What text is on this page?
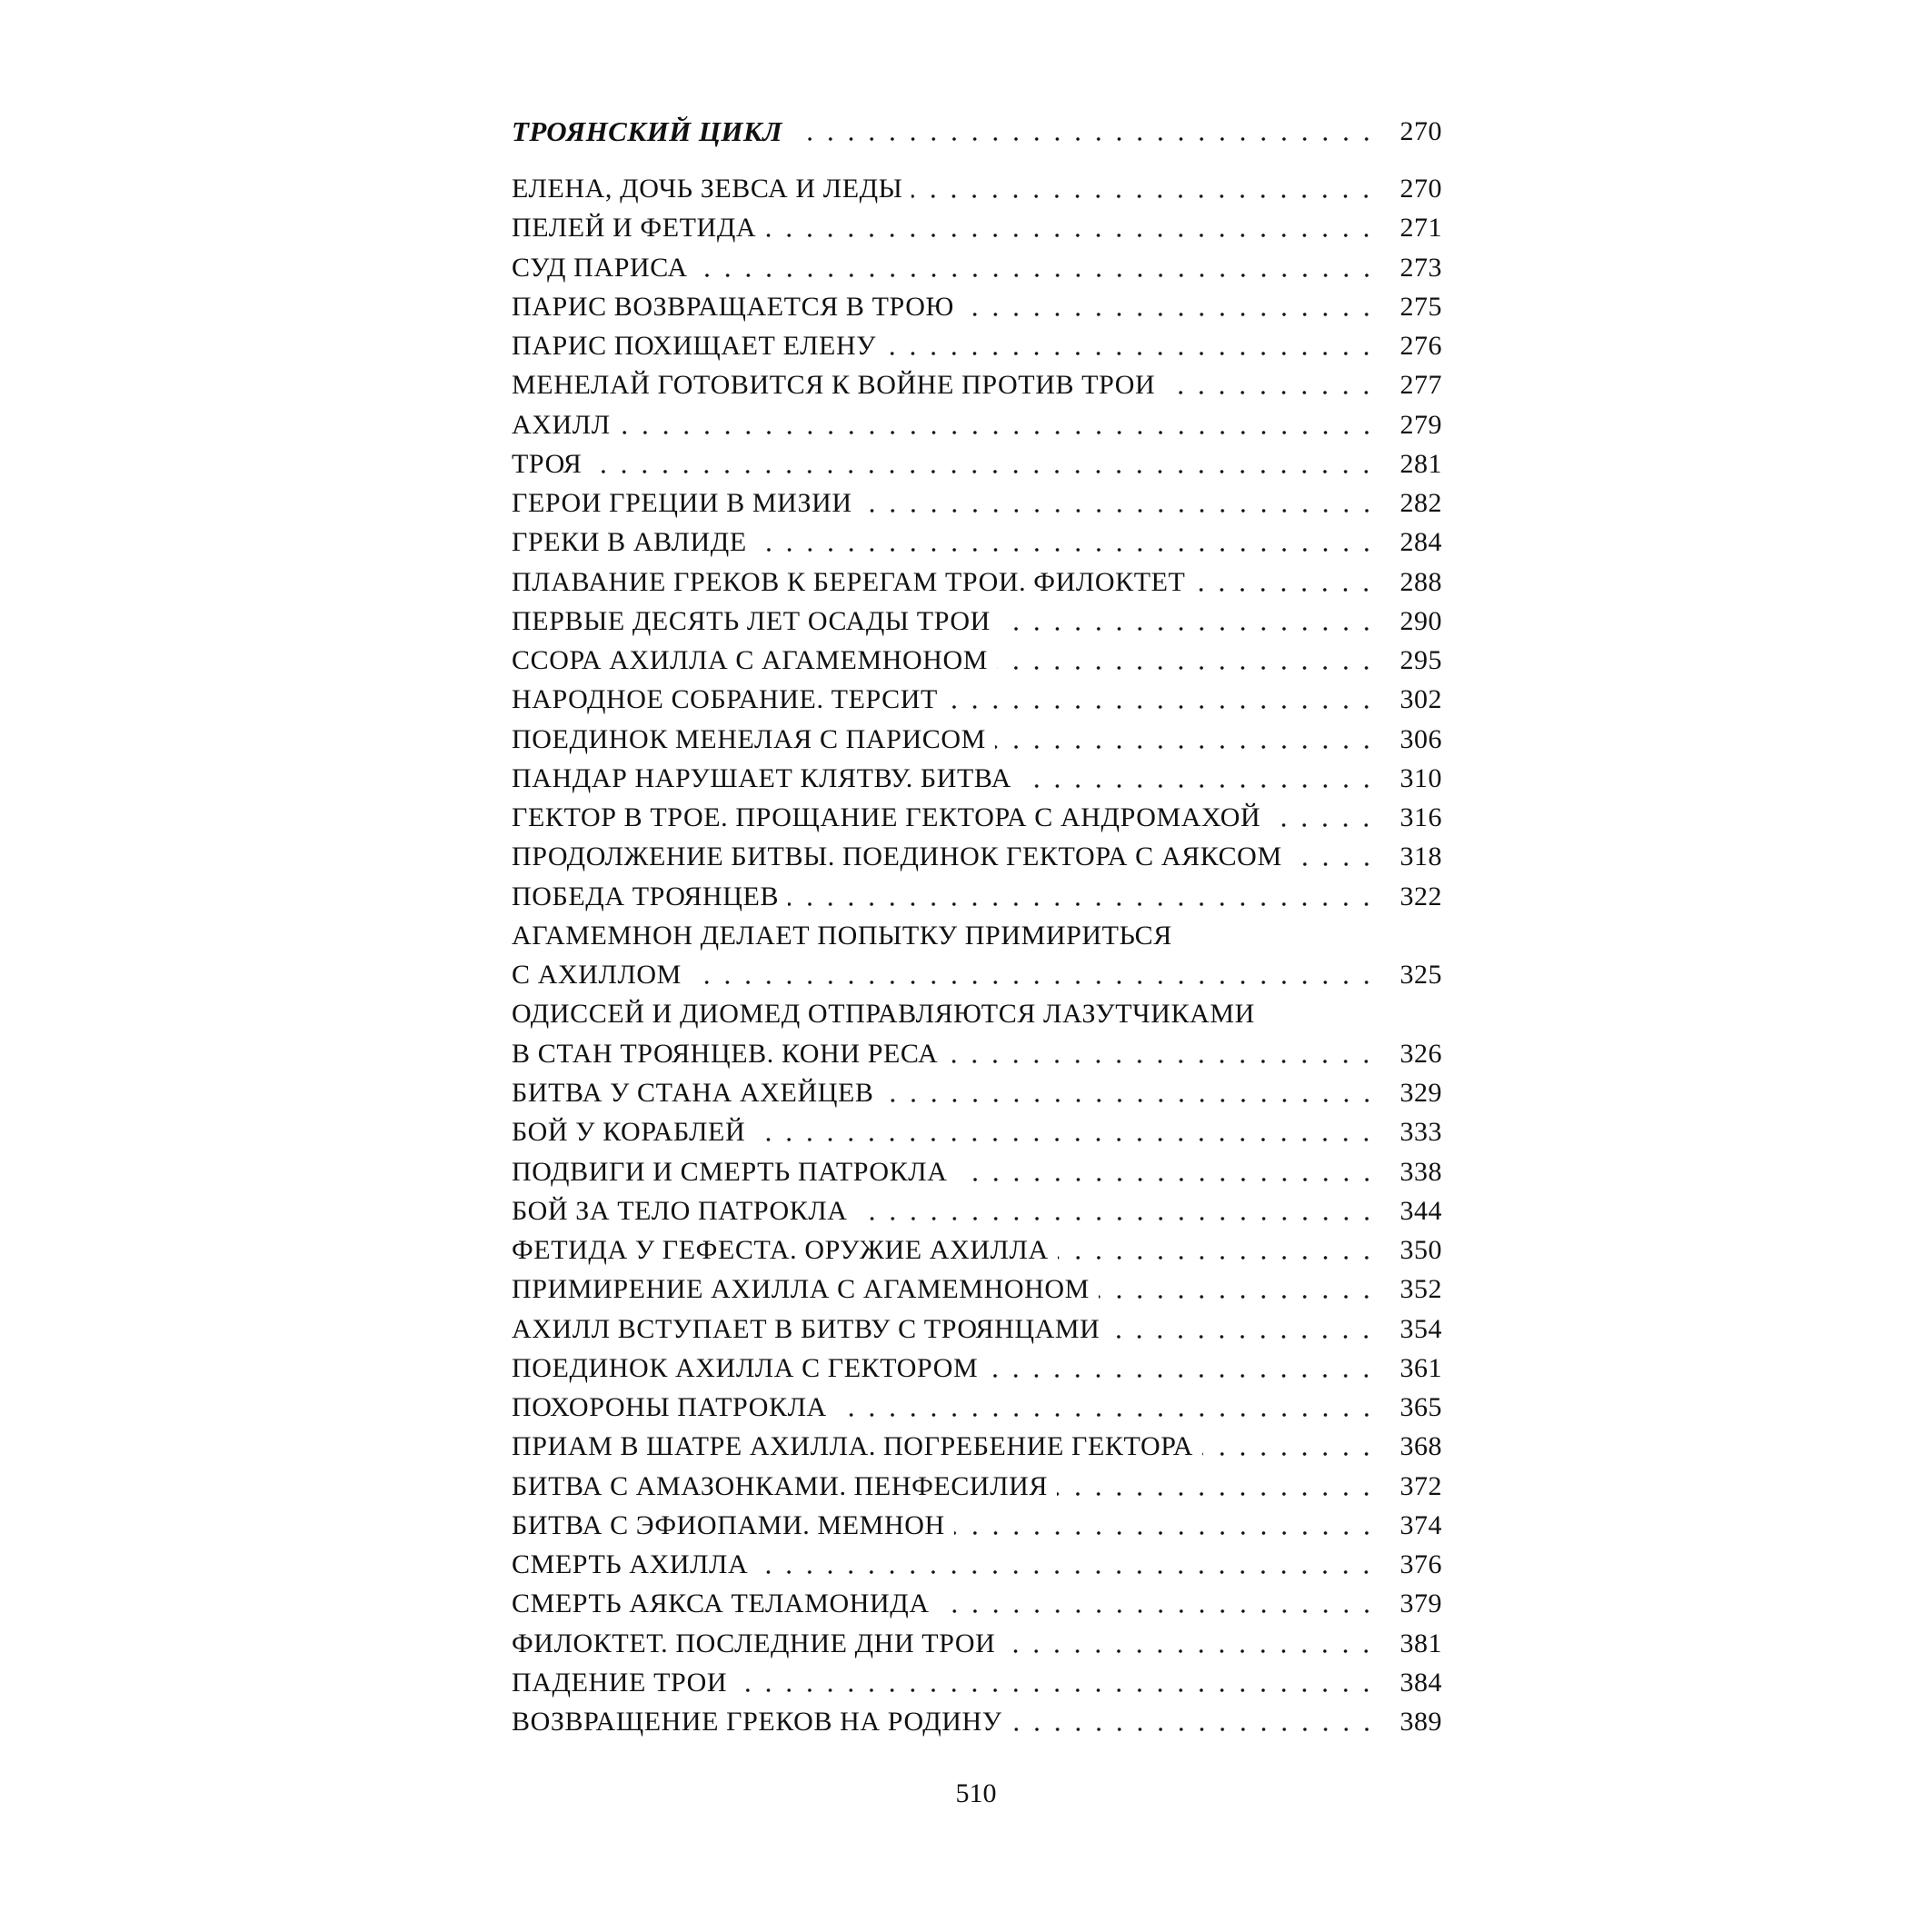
ТРОЯНСКИЙ ЦИКЛ	270
ЕЛЕНА, ДОЧЬ ЗЕВСА И ЛЕДЫ	270
ПЕЛЕЙ И ФЕТИДА	271
СУД ПАРИСА	273
ПАРИС ВОЗВРАЩАЕТСЯ В ТРОЮ	275
ПАРИС ПОХИЩАЕТ ЕЛЕНУ	276
МЕНЕЛАЙ ГОТОВИТСЯ К ВОЙНЕ ПРОТИВ ТРОИ	277
АХИЛЛ	279
ТРОЯ	281
ГЕРОИ ГРЕЦИИ В МИЗИИ	282
ГРЕКИ В АВЛИДЕ	284
ПЛАВАНИЕ ГРЕКОВ К БЕРЕГАМ ТРОИ. ФИЛОКТЕТ	288
ПЕРВЫЕ ДЕСЯТЬ ЛЕТ ОСАДЫ ТРОИ	290
ССОРА АХИЛЛА С АГАМЕМНОНОМ	295
НАРОДНОЕ СОБРАНИЕ. ТЕРСИТ	302
ПОЕДИНОК МЕНЕЛАЯ С ПАРИСОМ	306
ПАНДАР НАРУШАЕТ КЛЯТВУ. БИТВА	310
ГЕКТОР В ТРОЕ. ПРОЩАНИЕ ГЕКТОРА С АНДРОМАХОЙ	316
ПРОДОЛЖЕНИЕ БИТВЫ. ПОЕДИНОК ГЕКТОРА С АЯКСОМ	318
ПОБЕДА ТРОЯНЦЕВ	322
АГАМЕМНОН ДЕЛАЕТ ПОПЫТКУ ПРИМИРИТЬСЯ
С АХИЛЛОМ	325
ОДИССЕЙ И ДИОМЕД ОТПРАВЛЯЮТСЯ ЛАЗУТЧИКАМИ
В СТАН ТРОЯНЦЕВ. КОНИ РЕСА	326
БИТВА У СТАНА АХЕЙЦЕВ	329
БОЙ У КОРАБЛЕЙ	333
ПОДВИГИ И СМЕРТЬ ПАТРОКЛА	338
БОЙ ЗА ТЕЛО ПАТРОКЛА	344
ФЕТИДА У ГЕФЕСТА. ОРУЖИЕ АХИЛЛА	350
ПРИМИРЕНИЕ АХИЛЛА С АГАМЕМНОНОМ	352
АХИЛЛ ВСТУПАЕТ В БИТВУ С ТРОЯНЦАМИ	354
ПОЕДИНОК АХИЛЛА С ГЕКТОРОМ	361
ПОХОРОНЫ ПАТРОКЛА	365
ПРИАМ В ШАТРЕ АХИЛЛА. ПОГРЕБЕНИЕ ГЕКТОРА	368
БИТВА С АМАЗОНКАМИ. ПЕНФЕСИЛИЯ	372
БИТВА С ЭФИОПАМИ. МЕМНОН	374
СМЕРТЬ АХИЛЛА	376
СМЕРТЬ АЯКСА ТЕЛАМОНИДА	379
ФИЛОКТЕТ. ПОСЛЕДНИЕ ДНИ ТРОИ	381
ПАДЕНИЕ ТРОИ	384
ВОЗВРАЩЕНИЕ ГРЕКОВ НА РОДИНУ	389
510
